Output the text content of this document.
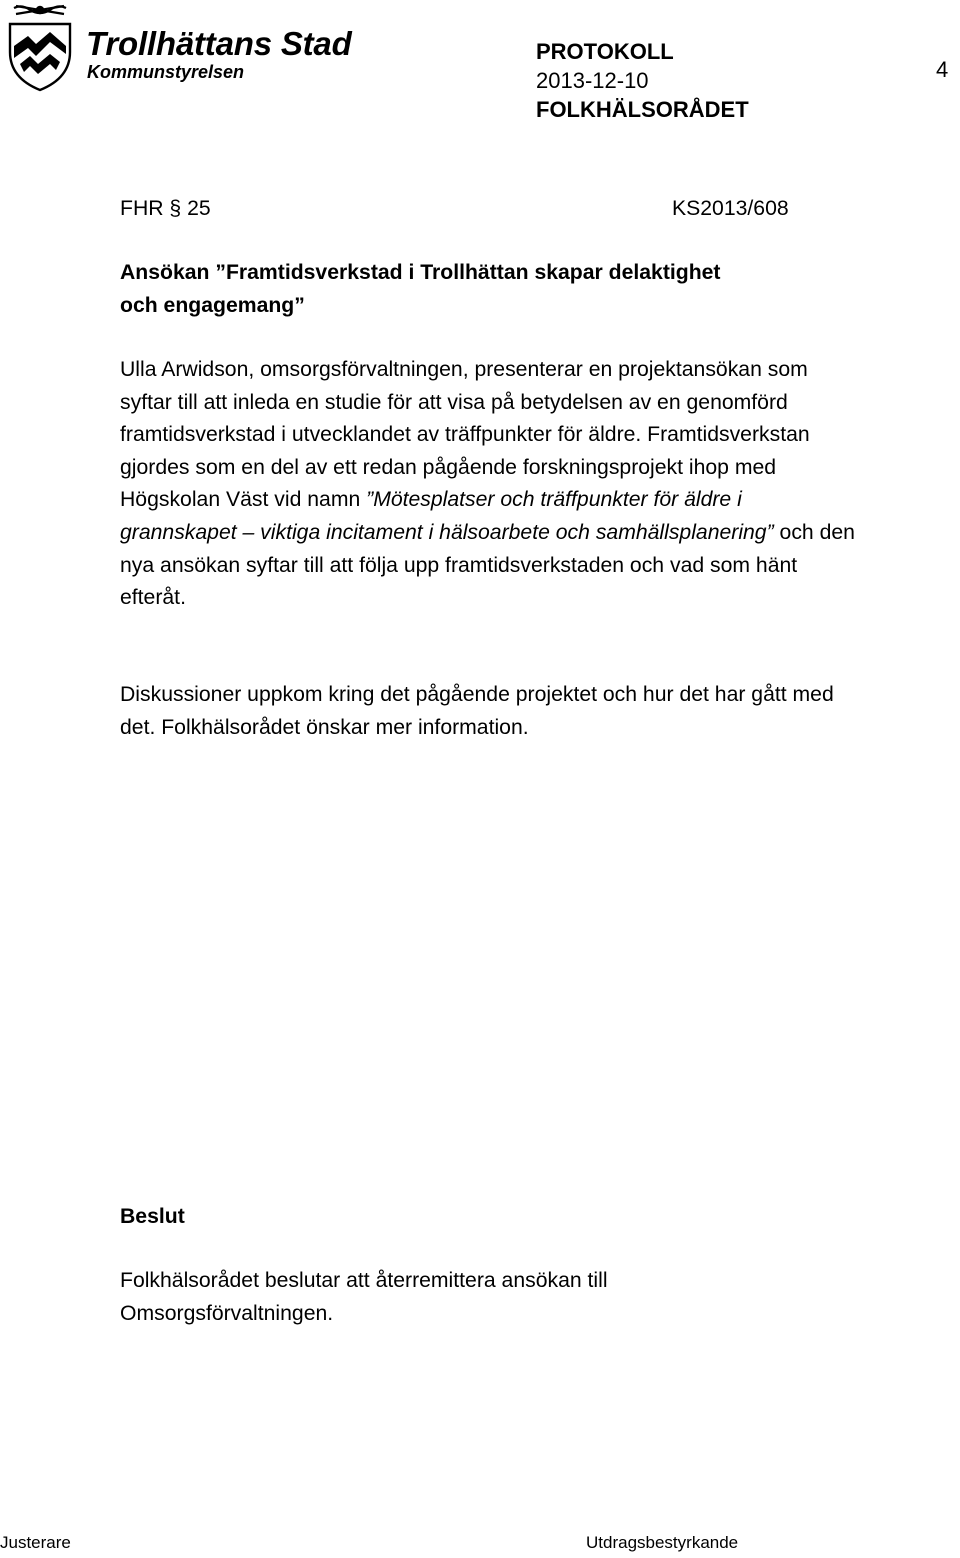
Trollhättans Stad
Kommunstyrelsen
PROTOKOLL
2013-12-10
FOLKHÄLSORÅDET
4
FHR § 25	KS2013/608
Ansökan ”Framtidsverkstad i Trollhättan skapar delaktighet
och engagemang”

Ulla Arwidson, omsorgsförvaltningen, presenterar en projektansökan som syftar till att inleda en studie för att visa på betydelsen av en genomförd framtidsverkstad i utvecklandet av träffpunkter för äldre. Framtidsverkstan gjordes som en del av ett redan pågående forskningsprojekt ihop med Högskolan Väst vid namn ”Mötesplatser och träffpunkter för äldre i grannskapet – viktiga incitament i hälsoarbete och samhällsplanering” och den nya ansökan syftar till att följa upp framtidsverkstaden och vad som hänt efteråt.

Diskussioner uppkom kring det pågående projektet och hur det har gått med det. Folkhälsorådet önskar mer information.

Beslut

Folkhälsorådet beslutar att återremittera ansökan till Omsorgsförvaltningen.

Justerare	Utdragsbestyrkande
